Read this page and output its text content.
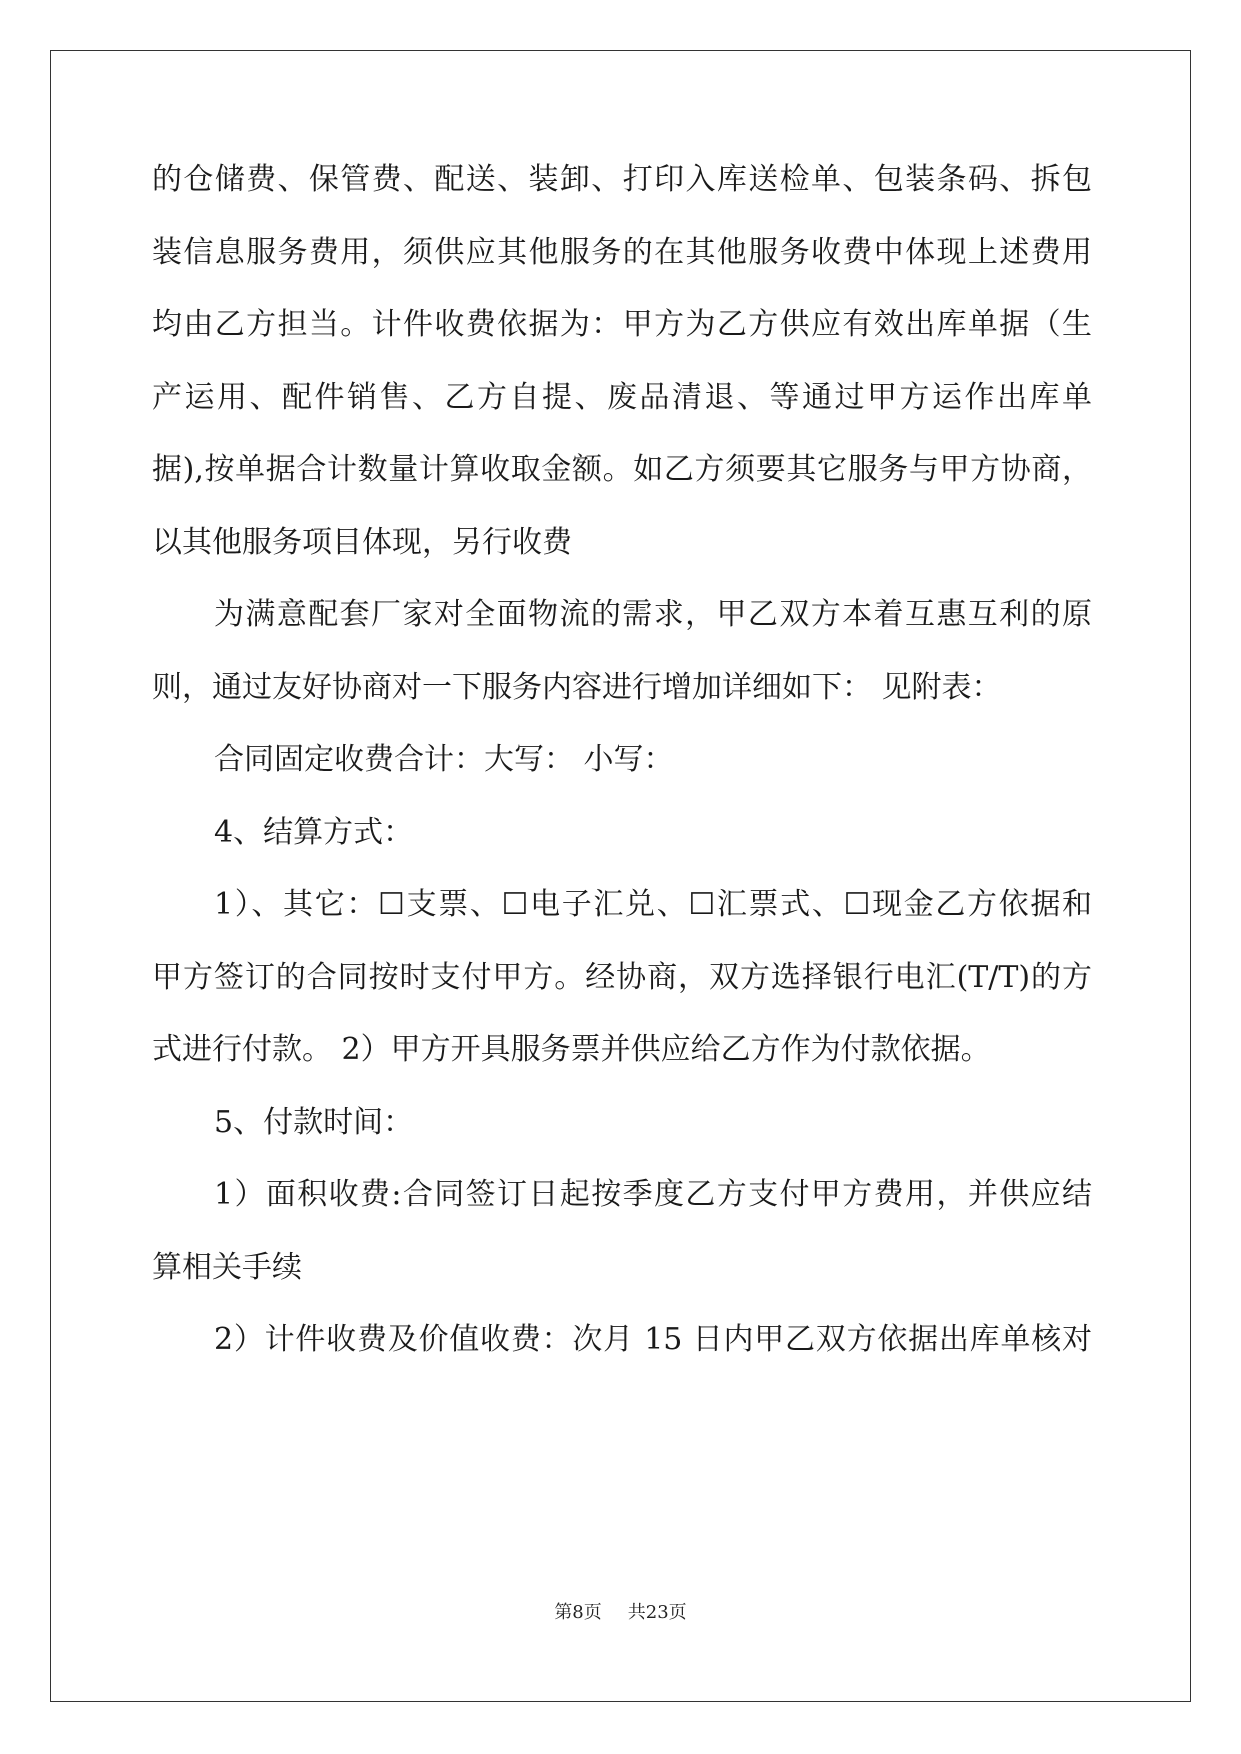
的仓储费、保管费、配送、装卸、打印入库送检单、包装条码、拆包
装信息服务费用，须供应其他服务的在其他服务收费中体现上述费用
均由乙方担当。计件收费依据为：甲方为乙方供应有效出库单据（生
产运用、配件销售、乙方自提、废品清退、等通过甲方运作出库单
据),按单据合计数量计算收取金额。如乙方须要其它服务与甲方协商，
以其他服务项目体现，另行收费
为满意配套厂家对全面物流的需求，甲乙双方本着互惠互利的原
则，通过友好协商对一下服务内容进行增加详细如下： 见附表：
合同固定收费合计：大写： 小写：
4、结算方式：
1）、其它：☐支票、☐电子汇兑、☐汇票式、☐现金乙方依据和
甲方签订的合同按时支付甲方。经协商，双方选择银行电汇(T/T)的方
式进行付款。 2）甲方开具服务票并供应给乙方作为付款依据。
5、付款时间：
1）面积收费:合同签订日起按季度乙方支付甲方费用，并供应结
算相关手续
2）计件收费及价值收费：次月 15 日内甲乙双方依据出库单核对
第8页 共23页
